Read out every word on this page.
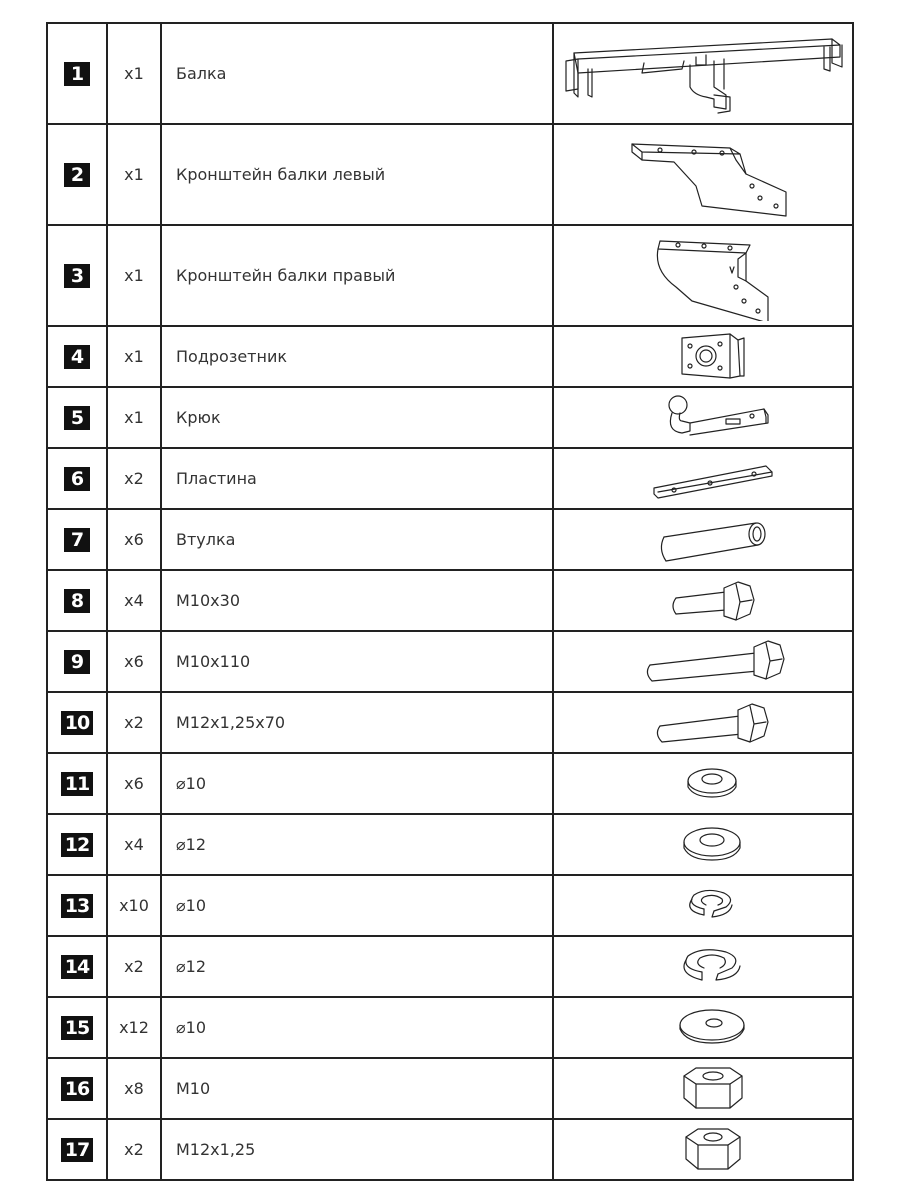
1	x1	Балка	

2	x1	Кронштейн балки левый	

3	x1	Кронштейн балки правый	

4	x1	Подрозетник	

5	x1	Крюк	

6	x2	Пластина	

7	x6	Втулка	

8	x4	M10x30	

9	x6	M10x110	

10	x2	M12x1,25x70	

11	x6	⌀10	

12	x4	⌀12	

13	x10	⌀10	

14	x2	⌀12	

15	x12	⌀10	

16	x8	M10	

17	x2	M12x1,25	
